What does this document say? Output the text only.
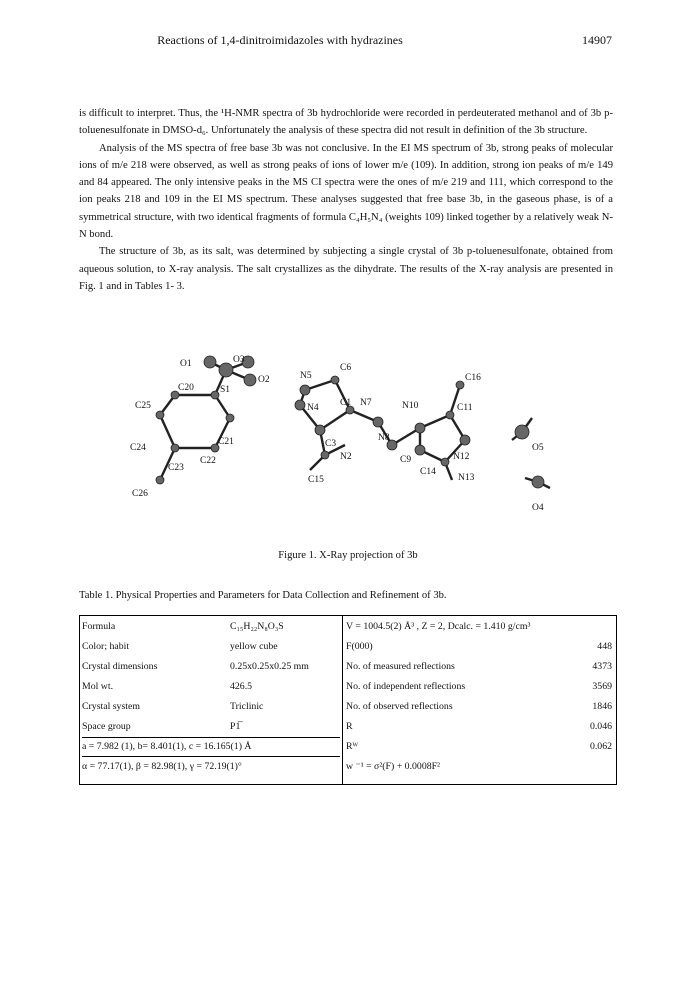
Reactions of 1,4-dinitroimidazoles with hydrazines	14907

is difficult to interpret. Thus, the ¹H-NMR spectra of 3b hydrochloride were recorded in perdeuterated methanol and of 3b p-toluenesulfonate in DMSO-d₆. Unfortunately the analysis of these spectra did not result in definition of the 3b structure.

Analysis of the MS spectra of free base 3b was not conclusive. In the EI MS spectrum of 3b, strong peaks of molecular ions of m/e 218 were observed, as well as strong peaks of ions of lower m/e (109). In addition, strong ion peaks of m/e 149 and 84 appeared. The only intensive peaks in the MS CI spectra were the ones of m/e 219 and 111, which correspond to the ion peaks 218 and 109 in the EI MS spectrum. These analyses suggested that free base 3b, in the gaseous phase, is of a symmetrical structure, with two identical fragments of formula C₄H₅N₄ (weights 109) linked together by a relatively weak N-N bond.

The structure of 3b, as its salt, was determined by subjecting a single crystal of 3b p-toluenesulfonate, obtained from aqueous solution, to X-ray analysis. The salt crystallizes as the dihydrate. The results of the X-ray analysis are presented in Fig. 1 and in Tables 1- 3.

O1	O3
O2
S1
C20
C25
C24
C21
C22
C23
C26
N5
C6
N4 C1 N7	N10
C16
C11
N8
C3
N2
C15
C9	N12
C14
N13
O5
O4
Figure 1. X-Ray projection of 3b
Table 1. Physical Properties and Parameters for Data Collection and Refinement of 3b.
Formula	C₁₅H₂₂N₈O₃S
Color; habit	yellow cube
Crystal dimensions	0.25x0.25x0.25 mm
Mol wt.	426.5
Crystal system	Triclinic
Space group	P1̅
a = 7.982 (1), b= 8.401(1), c = 16.165(1) Å
α = 77.17(1), β = 82.98(1), γ = 72.19(1)°
V = 1004.5(2) Å³ , Z = 2, Dcalc. = 1.410 g/cm³
F(000)	448
No. of measured reflections	4373
No. of independent reflections	3569
No. of observed reflections	1846
R	0.046
Rᵂ	0.062
w ⁻¹ = σ²(F) + 0.0008F²
